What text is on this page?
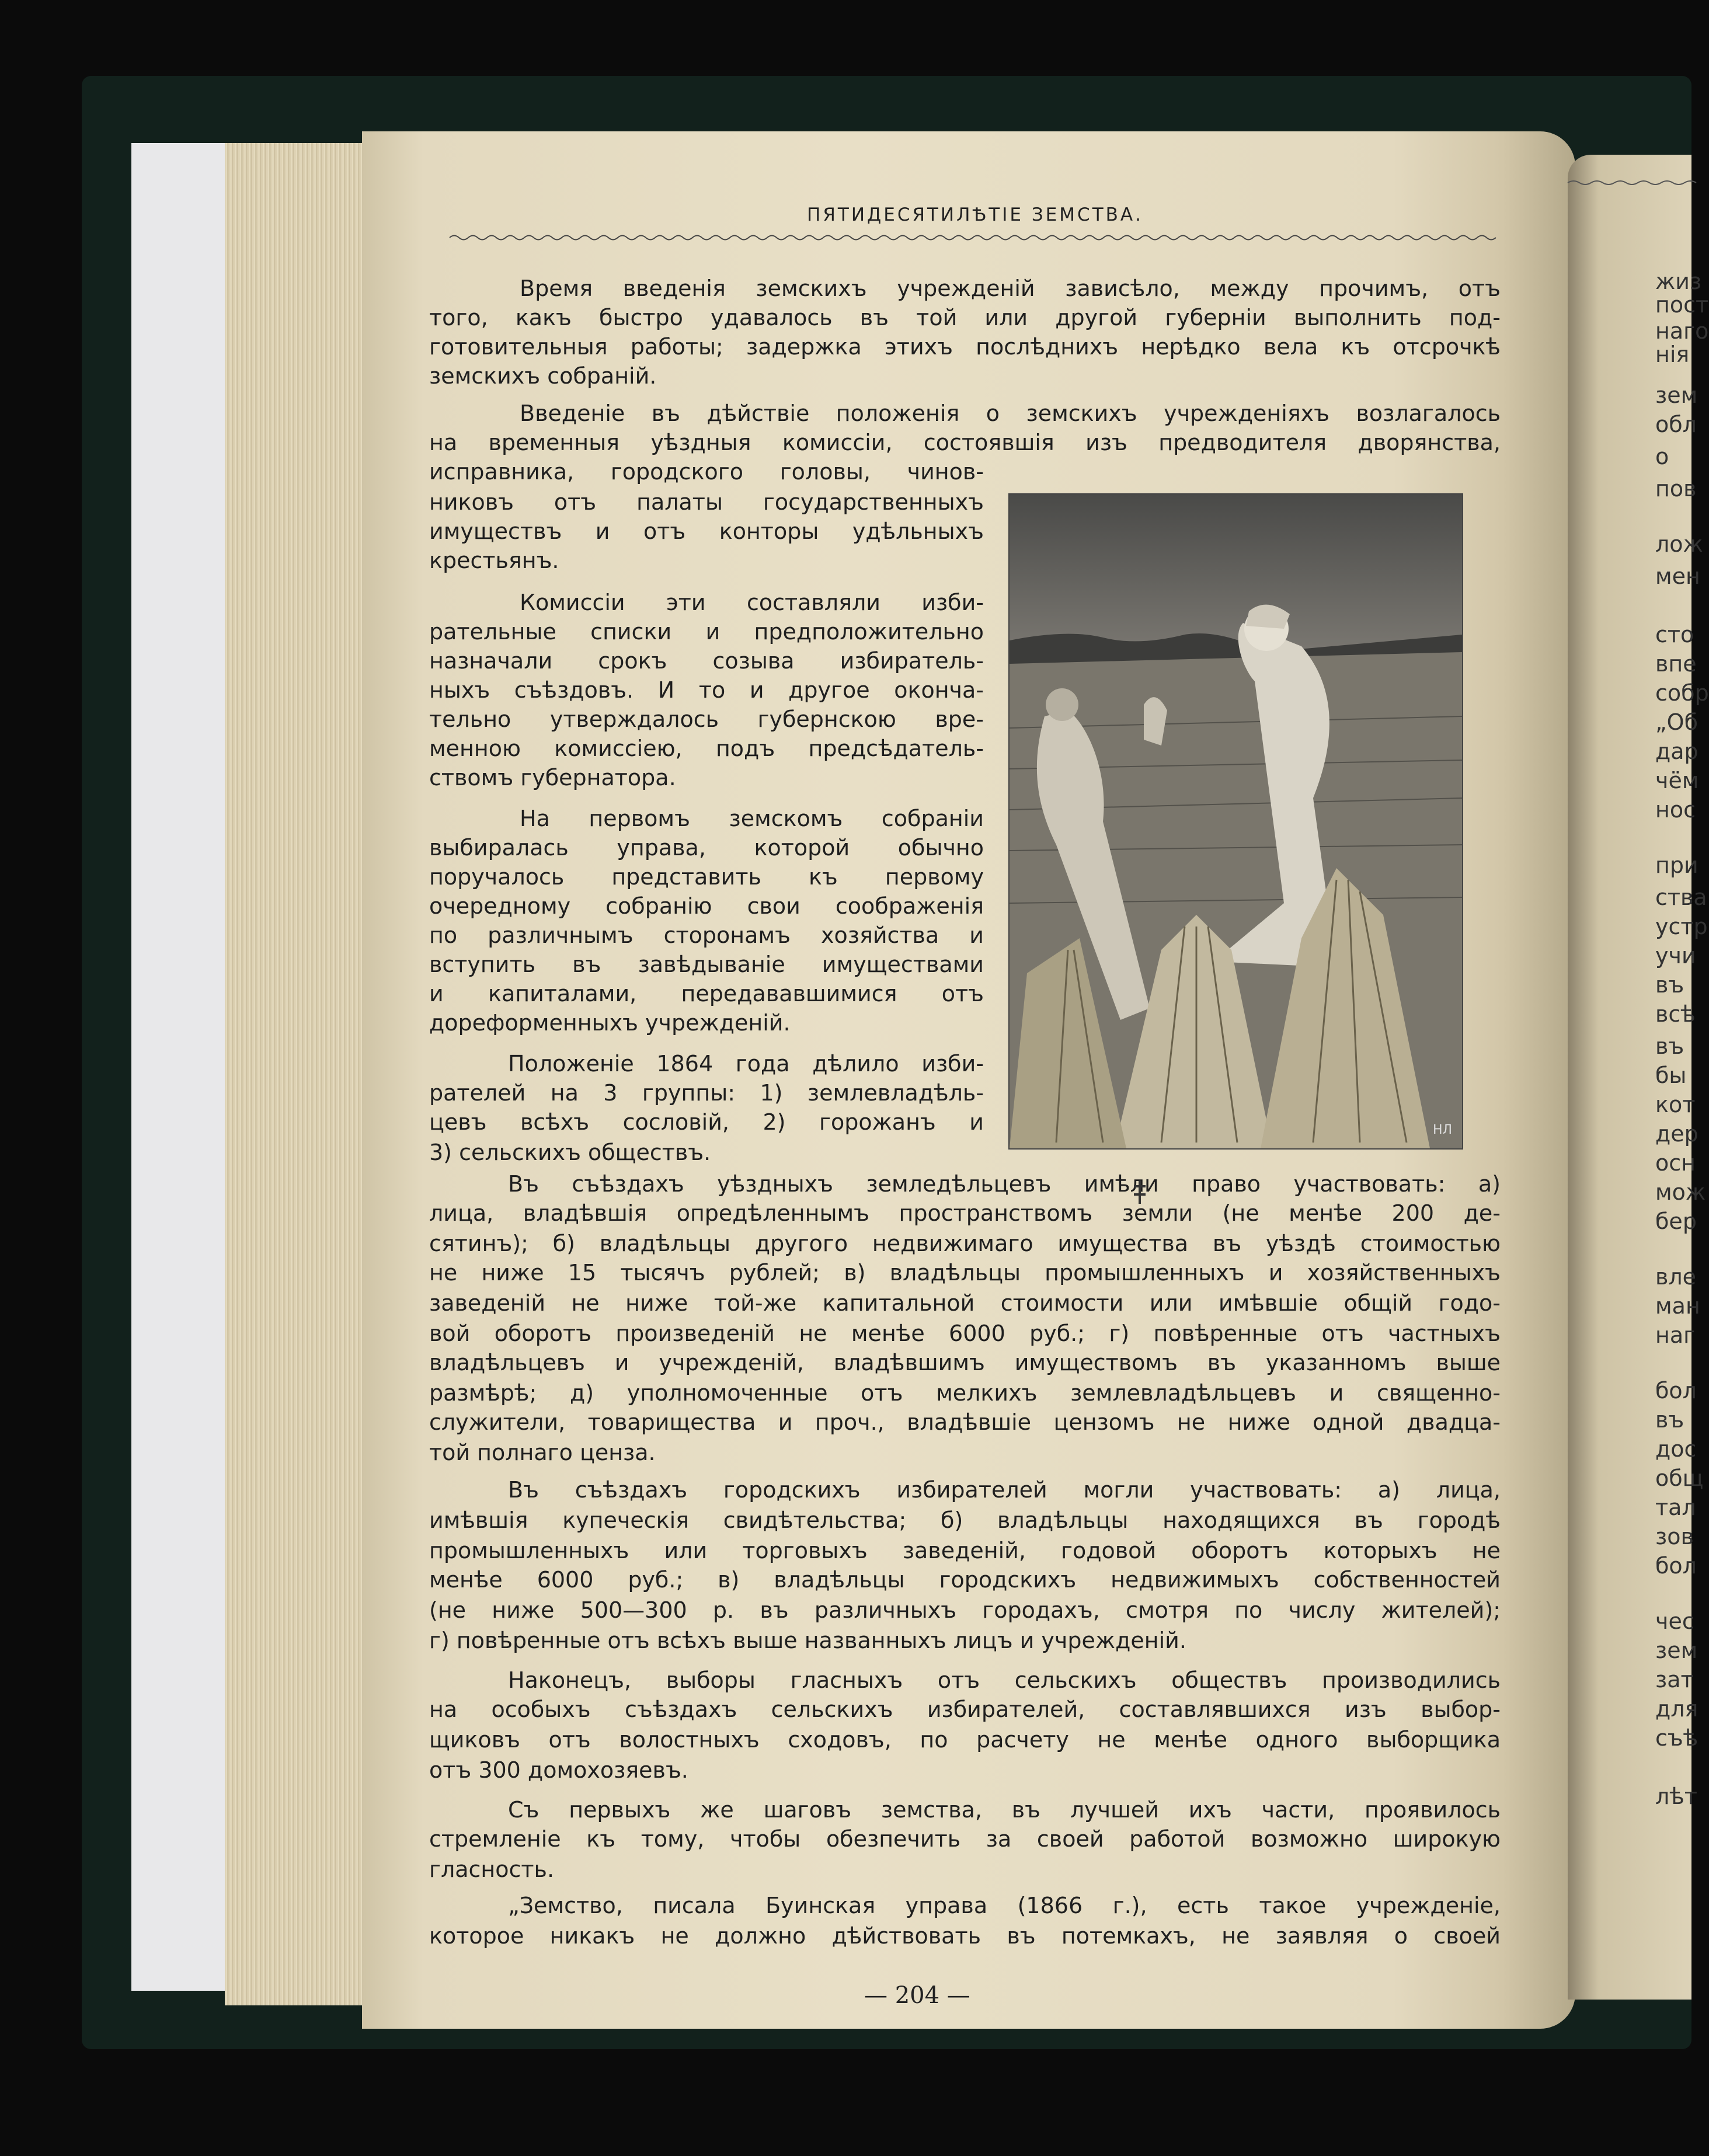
жиз
пост
наго
нія
зем
обл
о
пов
лож
мен
сто
впе
собр
„Об
дар
чём
нос
при
ства
устр
учи
въ
всѣ
въ
бы
кот
дер
осн
мож
бер
вле
ман
наг
бол
въ
дос
общ
тал
зов
бол
чес
зем
зат
для
съѣ
лѣт
ПЯТИДЕСЯТИЛѢТІЕ ЗЕМСТВА.
Время введенія земскихъ учрежденій зависѣло, между прочимъ, отъ
того, какъ быстро удавалось въ той или другой губерніи выполнить под-
готовительныя работы; задержка этихъ послѣднихъ нерѣдко вела къ отсрочкѣ
земскихъ собраній.
Введеніе въ дѣйствіе положенія о земскихъ учрежденіяхъ возлагалось
на временныя уѣздныя комиссіи, состоявшія изъ предводителя дворянства,
исправника, городского головы, чинов-
никовъ отъ палаты государственныхъ
имуществъ и отъ конторы удѣльныхъ
крестьянъ.
Комиссіи эти составляли изби-
рательные списки и предположительно
назначали срокъ созыва избиратель-
ныхъ съѣздовъ. И то и другое оконча-
тельно утверждалось губернскою вре-
менною комиссіею, подъ предсѣдатель-
ствомъ губернатора.
На первомъ земскомъ собраніи
выбиралась управа, которой обычно
поручалось представить къ первому
очередному собранію свои соображенія
по различнымъ сторонамъ хозяйства и
вступить въ завѣдываніе имуществами
и капиталами, передававшимися отъ
дореформенныхъ учрежденій.
Положеніе 1864 года дѣлило изби-
рателей на 3 группы: 1) землевладѣль-
цевъ всѣхъ сословій, 2) горожанъ и
3) сельскихъ обществъ.
Въ съѣздахъ уѣздныхъ земледѣльцевъ имѣли право участвовать: а)
лица, владѣвшія опредѣленнымъ пространствомъ земли (не менѣе 200 де-
сятинъ); б) владѣльцы другого недвижимаго имущества въ уѣздѣ стоимостью
не ниже 15 тысячъ рублей; в) владѣльцы промышленныхъ и хозяйственныхъ
заведеній не ниже той-же капитальной стоимости или имѣвшіе общій годо-
вой оборотъ произведеній не менѣе 6000 руб.; г) повѣренные отъ частныхъ
владѣльцевъ и учрежденій, владѣвшимъ имуществомъ въ указанномъ выше
размѣрѣ; д) уполномоченные отъ мелкихъ землевладѣльцевъ и священно-
служители, товарищества и проч., владѣвшіе цензомъ не ниже одной двадца-
той полнаго ценза.
Въ съѣздахъ городскихъ избирателей могли участвовать: а) лица,
имѣвшія купеческія свидѣтельства; б) владѣльцы находящихся въ городѣ
промышленныхъ или торговыхъ заведеній, годовой оборотъ которыхъ не
менѣе 6000 руб.; в) владѣльцы городскихъ недвижимыхъ собственностей
(не ниже 500—300 р. въ различныхъ городахъ, смотря по числу жителей);
г) повѣренные отъ всѣхъ выше названныхъ лицъ и учрежденій.
Наконецъ, выборы гласныхъ отъ сельскихъ обществъ производились
на особыхъ съѣздахъ сельскихъ избирателей, составлявшихся изъ выбор-
щиковъ отъ волостныхъ сходовъ, по расчету не менѣе одного выборщика
отъ 300 домохозяевъ.
Съ первыхъ же шаговъ земства, въ лучшей ихъ части, проявилось
стремленіе къ тому, чтобы обезпечить за своей работой возможно широкую
гласность.
„Земство, писала Буинская управа (1866 г.), есть такое учрежденіе,
которое никакъ не должно дѣйствовать въ потемкахъ, не заявляя о своей
НЛ
— 204 —
